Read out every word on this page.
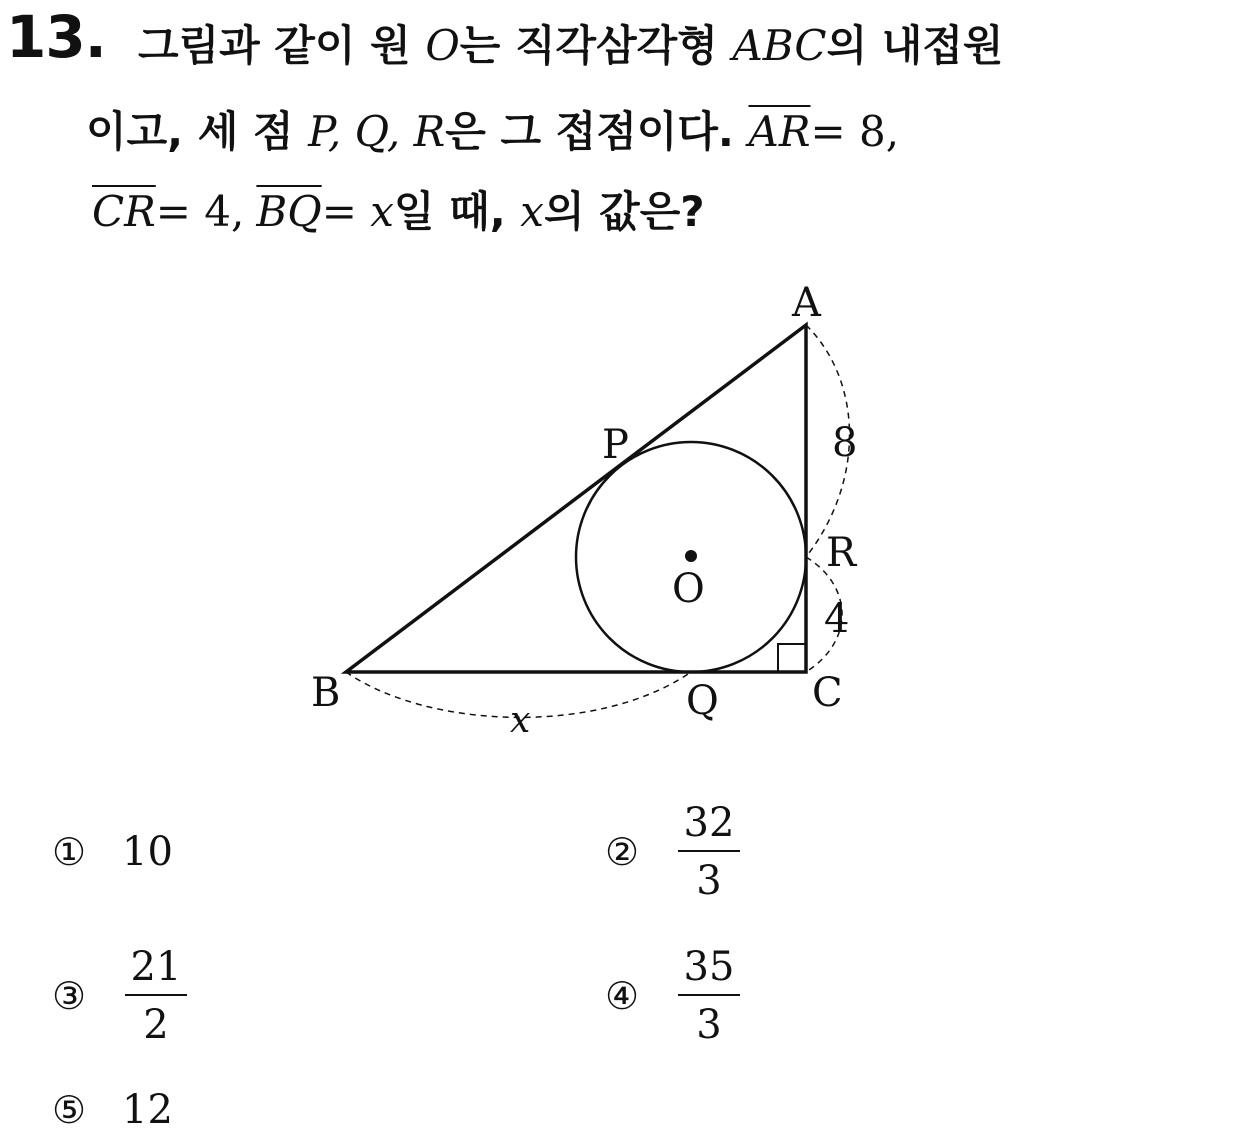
13. 그림과 같이 원 O는 직각삼각형 ABC의 내접원
이고, 세 점 P, Q, R은 그 접점이다. $\overline{AR}= 8$,
$\overline{CR}= 4$, $\overline{BQ}= x$일 때, x의 값은?
A
B	C
P
Q
R
O
8
4
x
① 10	②
32
3
③
21
2
④
35
3
⑤ 12
